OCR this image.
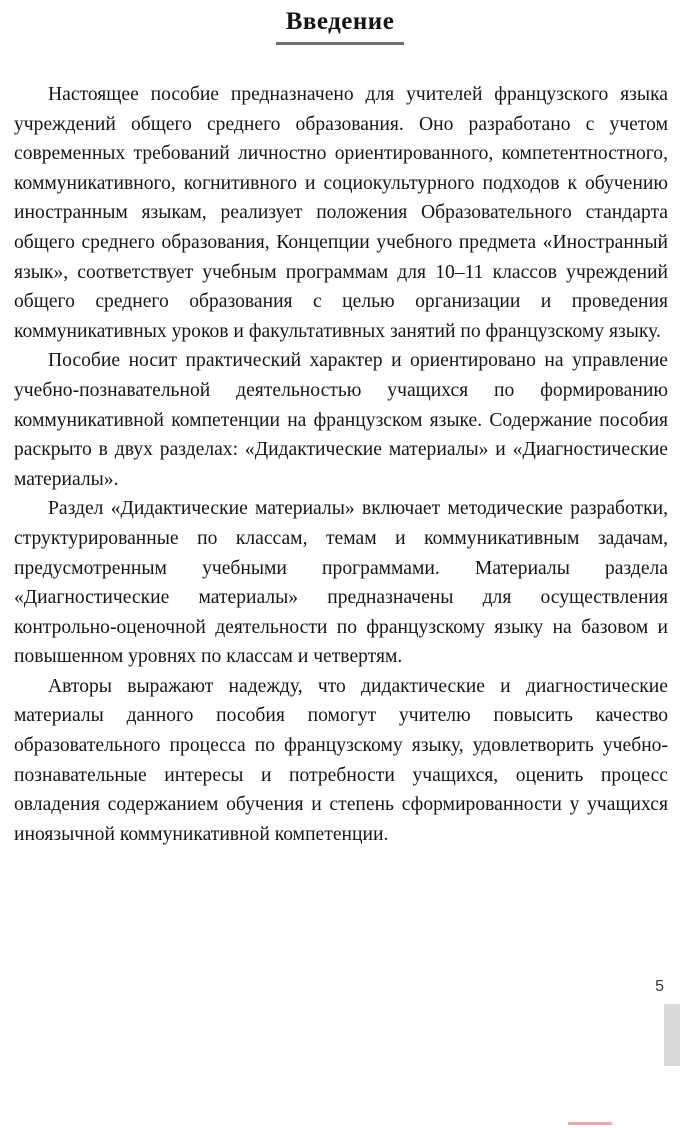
Введение

Настоящее пособие предназначено для учителей французского языка учреждений общего среднего образования. Оно разработано с учетом современных требований личностно ориентированного, компетентностного, коммуникативного, когнитивного и социокультурного подходов к обучению иностранным языкам, реализует положения Образовательного стандарта общего среднего образования, Концепции учебного предмета «Иностранный язык», соответствует учебным программам для 10–11 классов учреждений общего среднего образования с целью организации и проведения коммуникативных уроков и факультативных занятий по французскому языку.

Пособие носит практический характер и ориентировано на управление учебно-познавательной деятельностью учащихся по формированию коммуникативной компетенции на французском языке. Содержание пособия раскрыто в двух разделах: «Дидактические материалы» и «Диагностические материалы».

Раздел «Дидактические материалы» включает методические разработки, структурированные по классам, темам и коммуникативным задачам, предусмотренным учебными программами. Материалы раздела «Диагностические материалы» предназначены для осуществления контрольно-оценочной деятельности по французскому языку на базовом и повышенном уровнях по классам и четвертям.

Авторы выражают надежду, что дидактические и диагностические материалы данного пособия помогут учителю повысить качество образовательного процесса по французскому языку, удовлетворить учебно-познавательные интересы и потребности учащихся, оценить процесс овладения содержанием обучения и степень сформированности у учащихся иноязычной коммуникативной компетенции.

5
